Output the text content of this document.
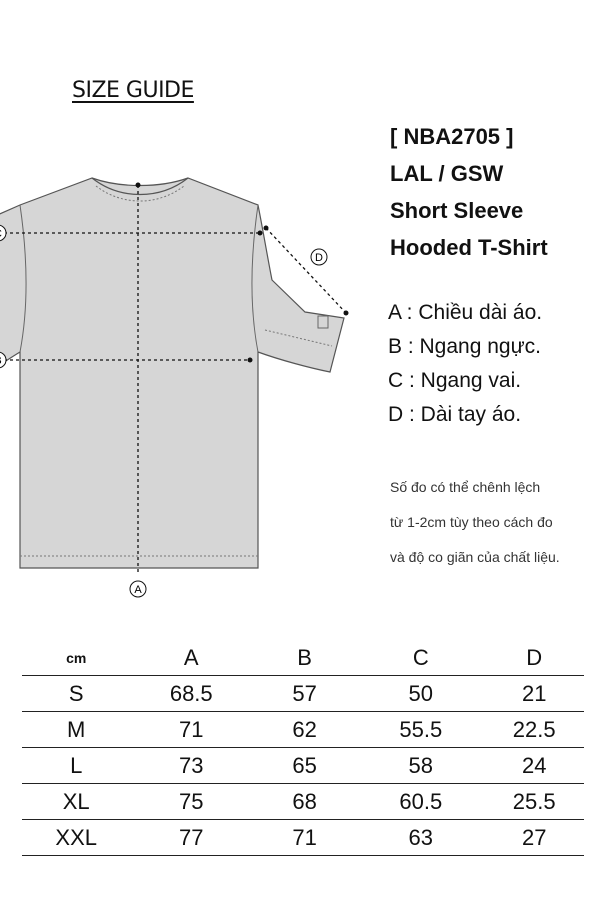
SIZE GUIDE
[ NBA2705 ]
LAL / GSW
Short Sleeve
Hooded T-Shirt
A : Chiều dài áo.
B : Ngang ngực.
C : Ngang vai.
D : Dài tay áo.
Số đo có thể chênh lệch
từ 1-2cm tùy theo cách đo
và độ co giãn của chất liệu.
A
D
cm	A	B	C	D
S	68.5	57	50	21
M	71	62	55.5	22.5
L	73	65	58	24
XL	75	68	60.5	25.5
XXL	77	71	63	27
